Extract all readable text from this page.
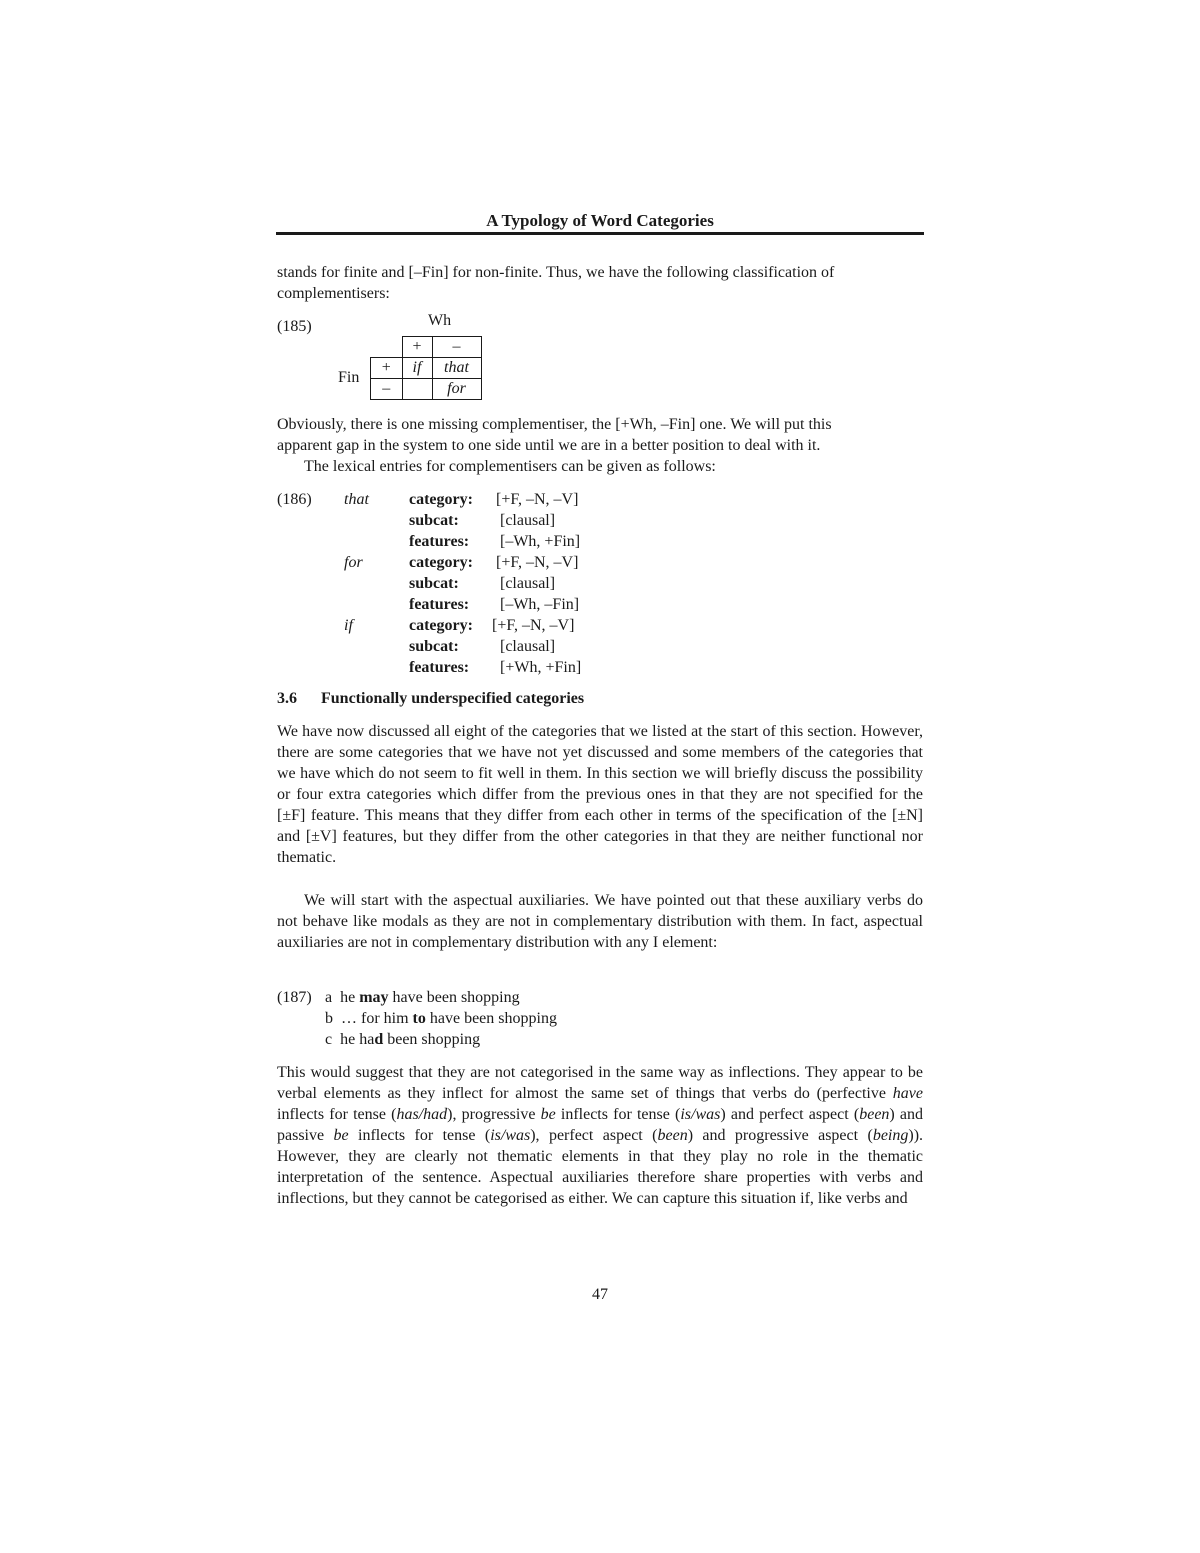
A Typology of Word Categories
stands for finite and [–Fin] for non-finite. Thus, we have the following classification of
complementisers:
(185)	Wh
Fin
	+	–
+	if	that
–		for
Obviously, there is one missing complementiser, the [+Wh, –Fin] one. We will put this
apparent gap in the system to one side until we are in a better position to deal with it.
The lexical entries for complementisers can be given as follows:
(186) that	category: [+F, –N, –V]
subcat:	[clausal]
features: [–Wh, +Fin]
for	category: [+F, –N, –V]
subcat:	[clausal]
features: [–Wh, –Fin]
if	category: [+F, –N, –V]
subcat:	[clausal]
features: [+Wh, +Fin]
3.6 Functionally underspecified categories

We have now discussed all eight of the categories that we listed at the start of this section. However, there are some categories that we have not yet discussed and some members of the categories that we have which do not seem to fit well in them. In this section we will briefly discuss the possibility or four extra categories which differ from the previous ones in that they are not specified for the [±F] feature. This means that they differ from each other in terms of the specification of the [±N] and [±V] features, but they differ from the other categories in that they are neither functional nor thematic.

We will start with the aspectual auxiliaries. We have pointed out that these auxiliary verbs do not behave like modals as they are not in complementary distribution with them. In fact, aspectual auxiliaries are not in complementary distribution with any I element:

(187) a he may have been shopping
b … for him to have been shopping
c he had been shopping

This would suggest that they are not categorised in the same way as inflections. They appear to be verbal elements as they inflect for almost the same set of things that verbs do (perfective have inflects for tense (has/had), progressive be inflects for tense (is/was) and perfect aspect (been) and passive be inflects for tense (is/was), perfect aspect (been) and progressive aspect (being)). However, they are clearly not thematic elements in that they play no role in the thematic interpretation of the sentence. Aspectual auxiliaries therefore share properties with verbs and inflections, but they cannot be categorised as either. We can capture this situation if, like verbs and

47
